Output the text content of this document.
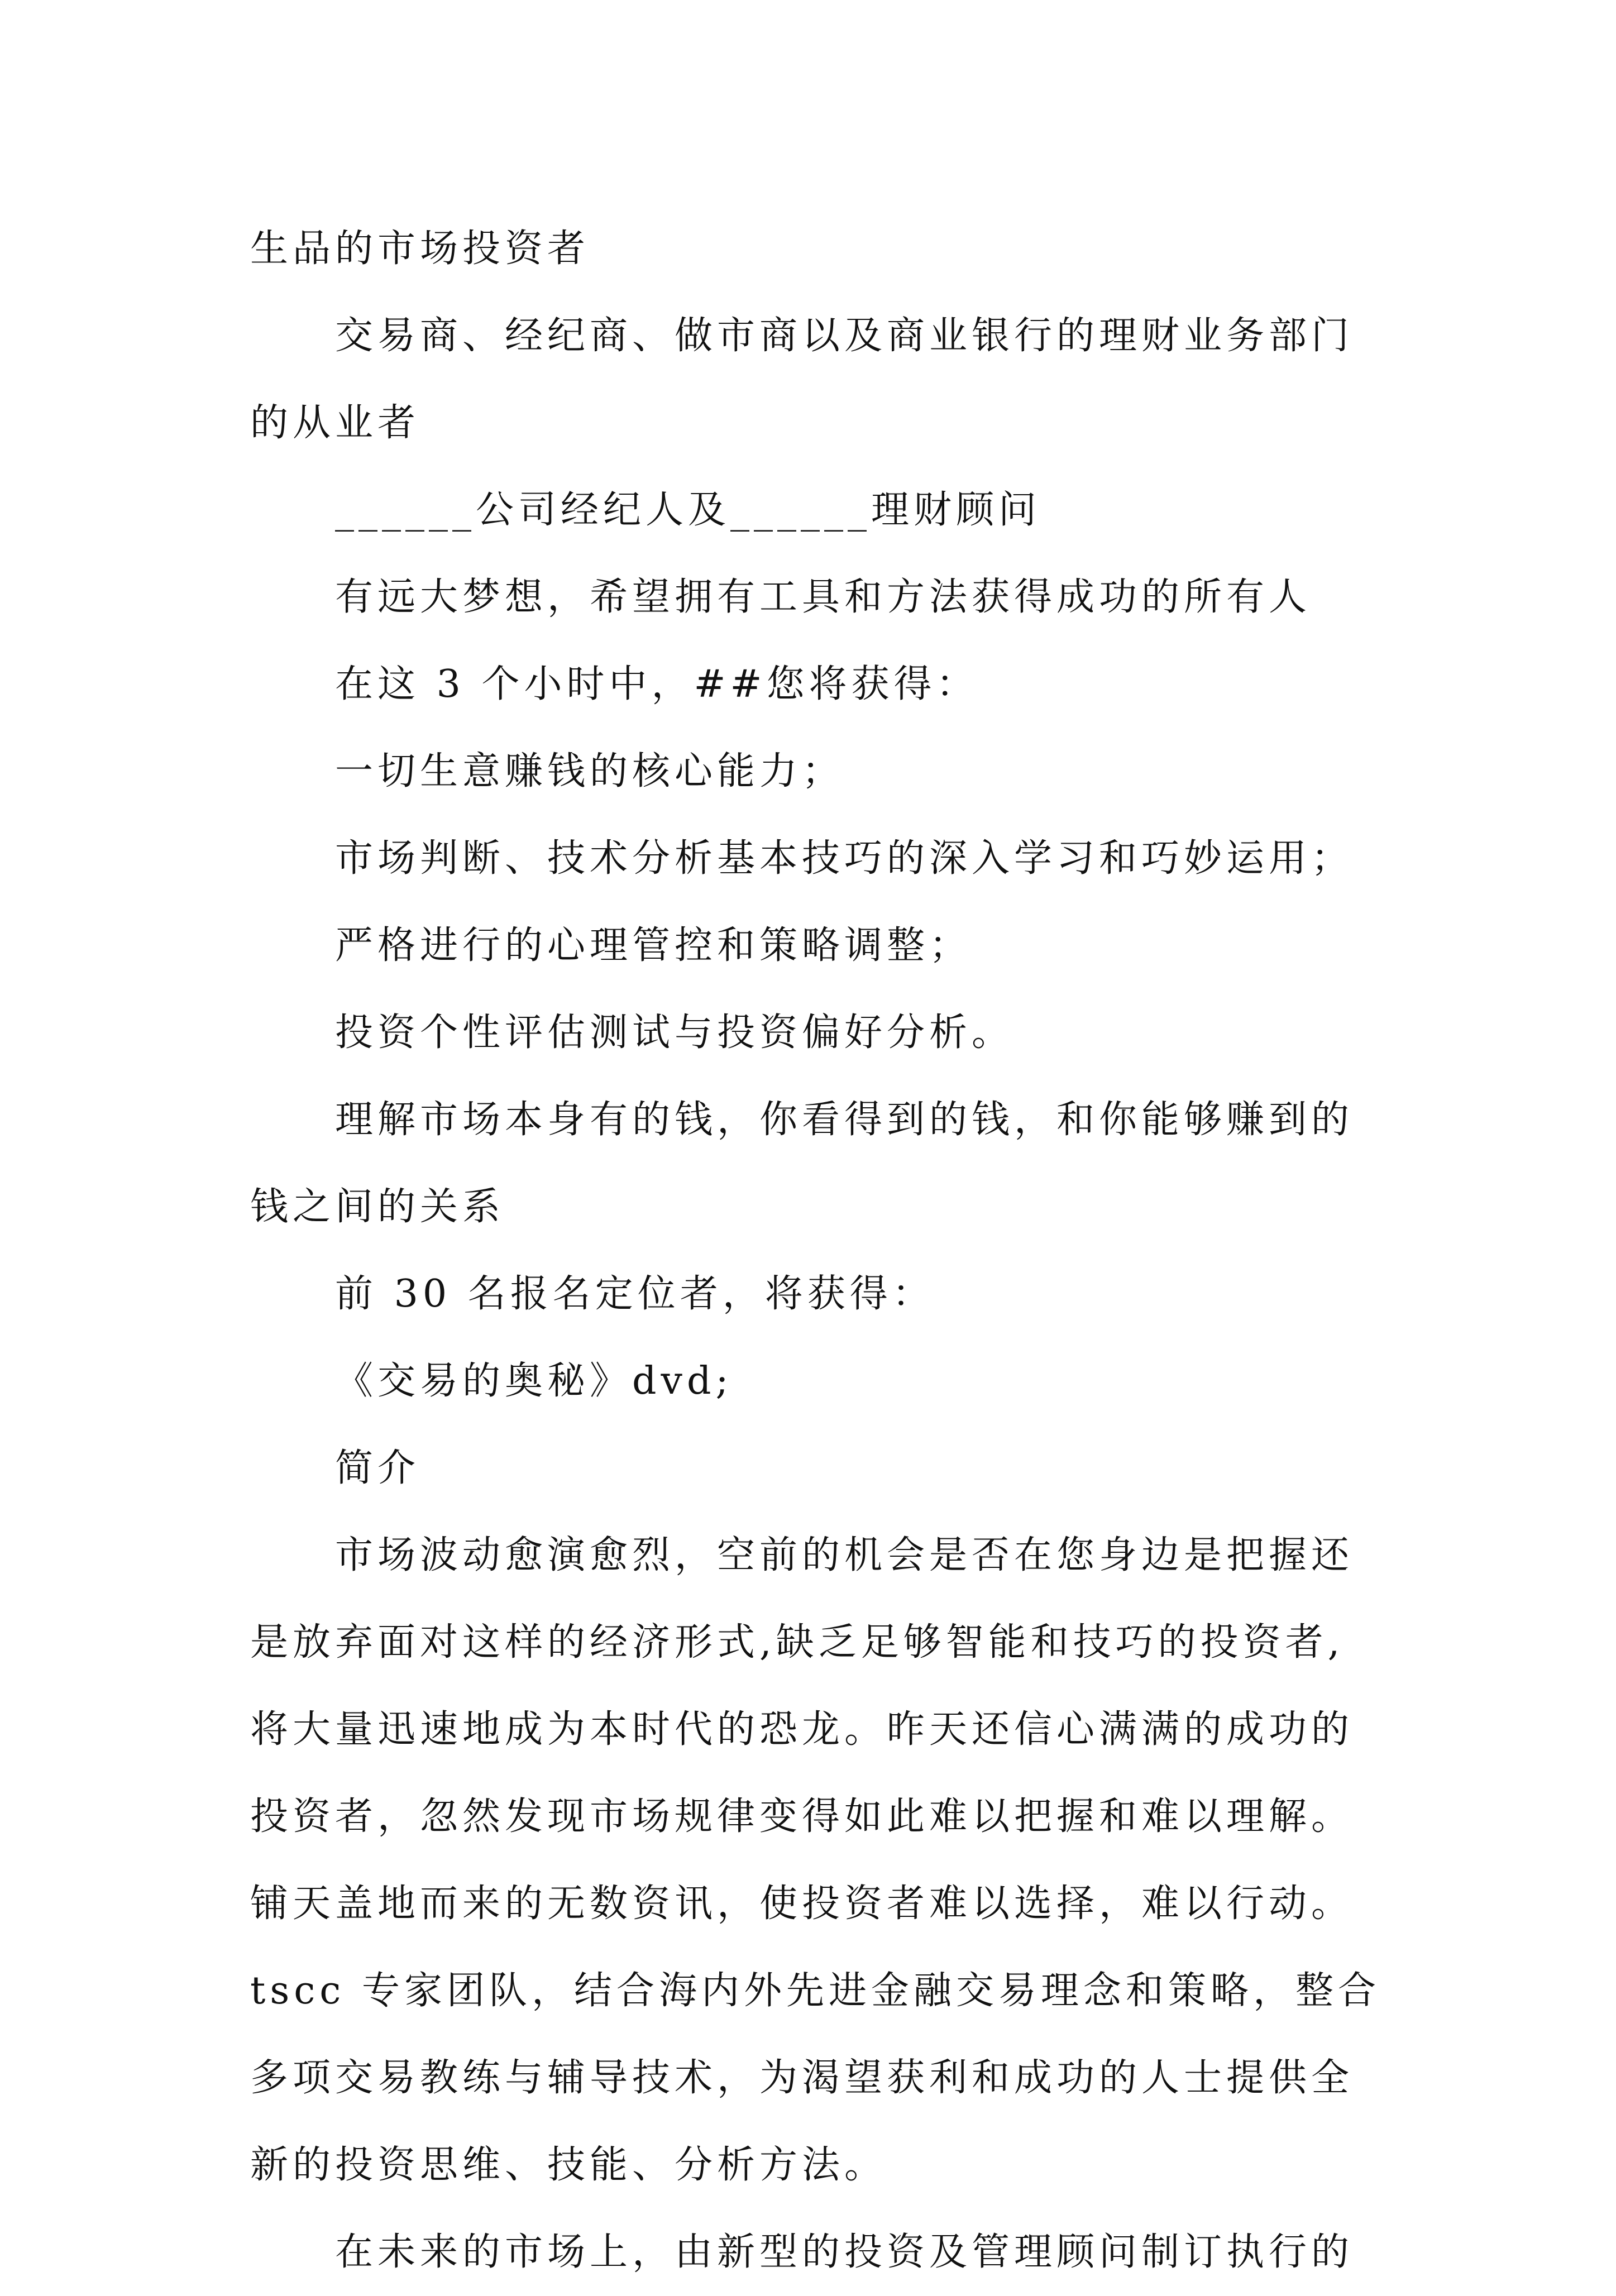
生品的市场投资者
交易商、经纪商、做市商以及商业银行的理财业务部门
的从业者
______公司经纪人及______理财顾问
有远大梦想，希望拥有工具和方法获得成功的所有人
在这 3 个小时中，##您将获得：
一切生意赚钱的核心能力；
市场判断、技术分析基本技巧的深入学习和巧妙运用；
严格进行的心理管控和策略调整；
投资个性评估测试与投资偏好分析。
理解市场本身有的钱，你看得到的钱，和你能够赚到的
钱之间的关系
前 30 名报名定位者，将获得：
《交易的奥秘》dvd;
简介
市场波动愈演愈烈，空前的机会是否在您身边是把握还
是放弃面对这样的经济形式,缺乏足够智能和技巧的投资者,
将大量迅速地成为本时代的恐龙。昨天还信心满满的成功的
投资者，忽然发现市场规律变得如此难以把握和难以理解。
铺天盖地而来的无数资讯，使投资者难以选择，难以行动。
tscc 专家团队，结合海内外先进金融交易理念和策略，整合
多项交易教练与辅导技术，为渴望获利和成功的人士提供全
新的投资思维、技能、分析方法。
在未来的市场上，由新型的投资及管理顾问制订执行的
